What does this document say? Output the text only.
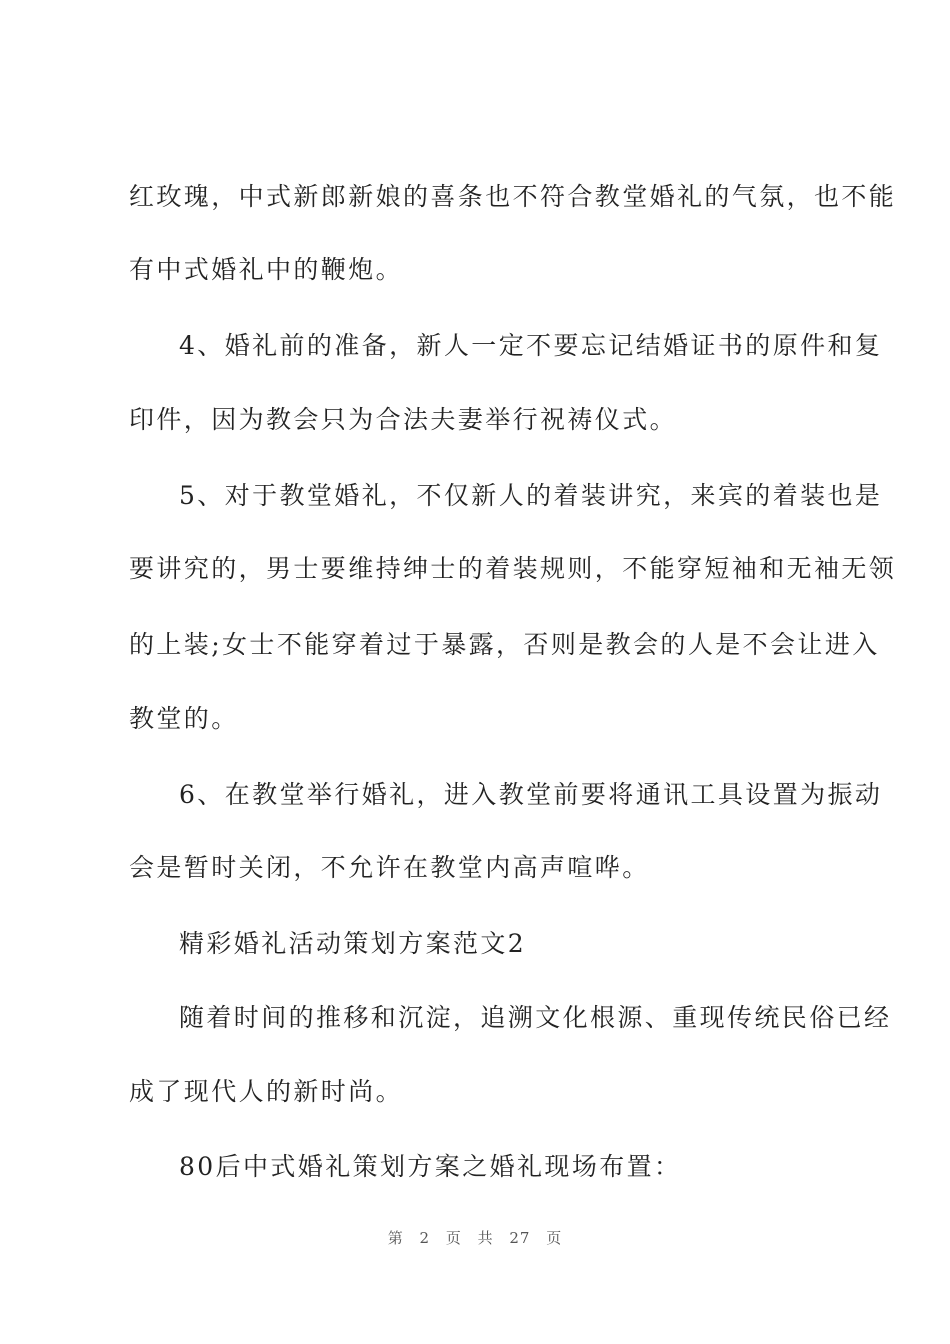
红玫瑰，中式新郎新娘的喜条也不符合教堂婚礼的气氛，也不能
有中式婚礼中的鞭炮。
4、婚礼前的准备，新人一定不要忘记结婚证书的原件和复
印件，因为教会只为合法夫妻举行祝祷仪式。
5、对于教堂婚礼，不仅新人的着装讲究，来宾的着装也是
要讲究的，男士要维持绅士的着装规则，不能穿短袖和无袖无领
的上装;女士不能穿着过于暴露，否则是教会的人是不会让进入
教堂的。
6、在教堂举行婚礼，进入教堂前要将通讯工具设置为振动
会是暂时关闭，不允许在教堂内高声喧哗。
精彩婚礼活动策划方案范文2
随着时间的推移和沉淀，追溯文化根源、重现传统民俗已经
成了现代人的新时尚。
80后中式婚礼策划方案之婚礼现场布置：
第 2 页 共 27 页
